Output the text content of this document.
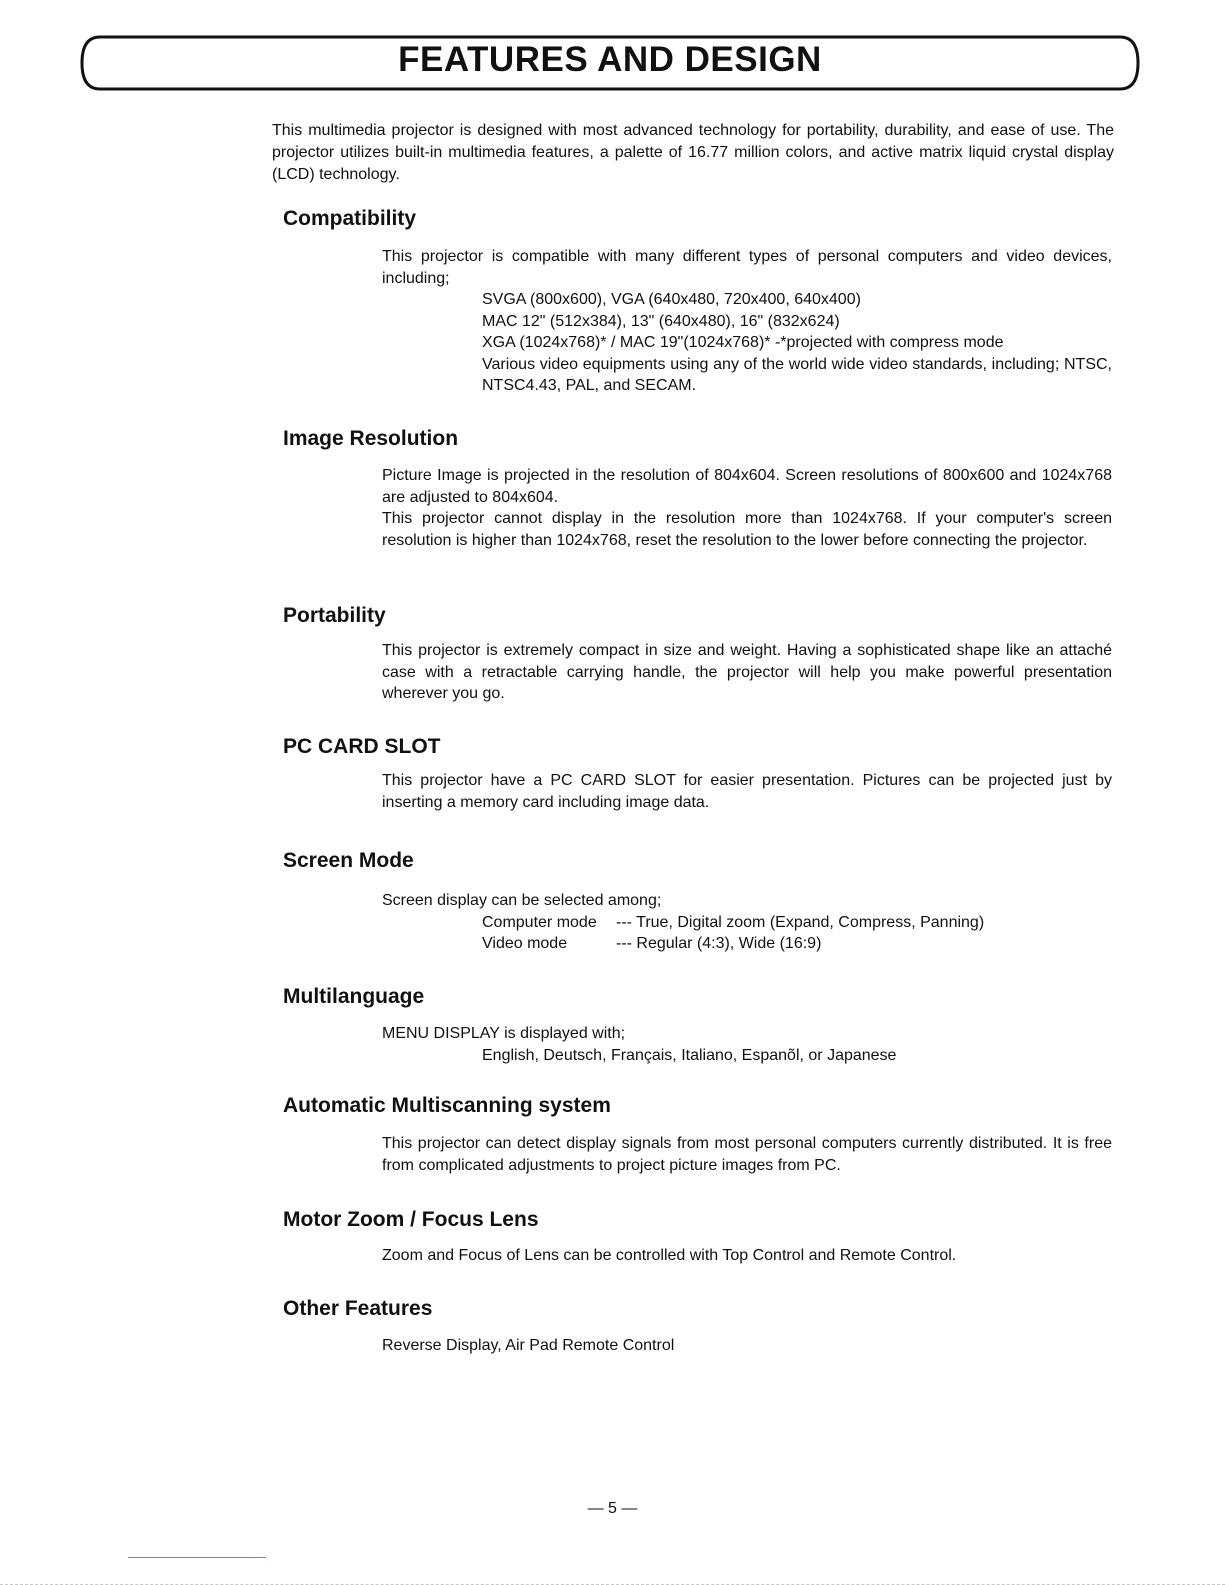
FEATURES AND DESIGN
This multimedia projector is designed with most advanced technology for portability, durability, and ease of use. The projector utilizes built-in multimedia features, a palette of 16.77 million colors, and active matrix liquid crystal display (LCD) technology.
Compatibility

This projector is compatible with many different types of personal computers and video devices, including;

SVGA (800x600), VGA (640x480, 720x400, 640x400)
MAC 12" (512x384), 13" (640x480), 16" (832x624)
XGA (1024x768)* / MAC 19"(1024x768)* -*projected with compress mode
Various video equipments using any of the world wide video standards, including; NTSC, NTSC4.43, PAL, and SECAM.
Image Resolution

Picture Image is projected in the resolution of 804x604. Screen resolutions of 800x600 and 1024x768 are adjusted to 804x604.

This projector cannot display in the resolution more than 1024x768. If your computer's screen resolution is higher than 1024x768, reset the resolution to the lower before connecting the projector.

Portability
This projector is extremely compact in size and weight. Having a sophisticated shape like an attaché case with a retractable carrying handle, the projector will help you make powerful presentation wherever you go.
PC CARD SLOT
This projector have a PC CARD SLOT for easier presentation. Pictures can be projected just by inserting a memory card including image data.
Screen Mode

Screen display can be selected among;

Computer mode --- True, Digital zoom (Expand, Compress, Panning)

Video mode	--- Regular (4:3), Wide (16:9)

Multilanguage

MENU DISPLAY is displayed with;

English, Deutsch, Français, Italiano, Espanõl, or Japanese

Automatic Multiscanning system
This projector can detect display signals from most personal computers currently distributed. It is free from complicated adjustments to project picture images from PC.
Motor Zoom / Focus Lens
Zoom and Focus of Lens can be controlled with Top Control and Remote Control.
Other Features
Reverse Display, Air Pad Remote Control
— 5 —
